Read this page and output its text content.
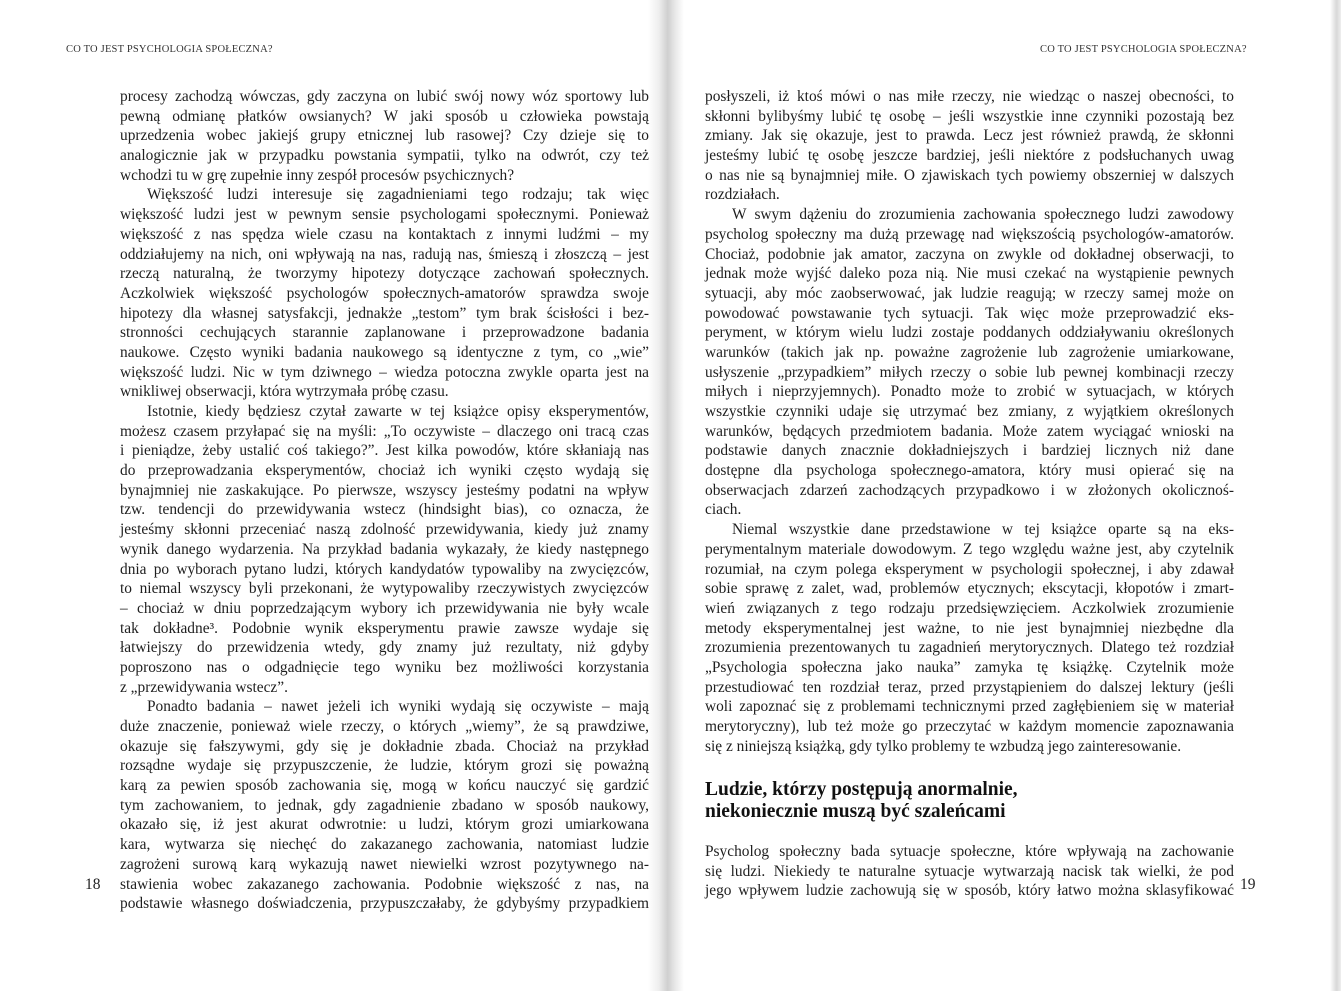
CO TO JEST PSYCHOLOGIA SPOŁECZNA?	CO TO JEST PSYCHOLOGIA SPOŁECZNA?
procesy zachodzą wówczas, gdy zaczyna on lubić swój nowy wóz sportowy lub
pewną odmianę płatków owsianych? W jaki sposób u człowieka powstają
uprzedzenia wobec jakiejś grupy etnicznej lub rasowej? Czy dzieje się to
analogicznie jak w przypadku powstania sympatii, tylko na odwrót, czy też
wchodzi tu w grę zupełnie inny zespół procesów psychicznych?
Większość ludzi interesuje się zagadnieniami tego rodzaju; tak więc
większość ludzi jest w pewnym sensie psychologami społecznymi. Ponieważ
większość z nas spędza wiele czasu na kontaktach z innymi ludźmi – my
oddziałujemy na nich, oni wpływają na nas, radują nas, śmieszą i złoszczą – jest
rzeczą naturalną, że tworzymy hipotezy dotyczące zachowań społecznych.
Aczkolwiek większość psychologów społecznych-amatorów sprawdza swoje
hipotezy dla własnej satysfakcji, jednakże „testom” tym brak ścisłości i bez-
stronności cechujących starannie zaplanowane i przeprowadzone badania
naukowe. Często wyniki badania naukowego są identyczne z tym, co „wie”
większość ludzi. Nic w tym dziwnego – wiedza potoczna zwykle oparta jest na
wnikliwej obserwacji, która wytrzymała próbę czasu.
Istotnie, kiedy będziesz czytał zawarte w tej książce opisy eksperymentów,
możesz czasem przyłapać się na myśli: „To oczywiste – dlaczego oni tracą czas
i pieniądze, żeby ustalić coś takiego?”. Jest kilka powodów, które skłaniają nas
do przeprowadzania eksperymentów, chociaż ich wyniki często wydają się
bynajmniej nie zaskakujące. Po pierwsze, wszyscy jesteśmy podatni na wpływ
tzw. tendencji do przewidywania wstecz (hindsight bias), co oznacza, że
jesteśmy skłonni przeceniać naszą zdolność przewidywania, kiedy już znamy
wynik danego wydarzenia. Na przykład badania wykazały, że kiedy następnego
dnia po wyborach pytano ludzi, których kandydatów typowaliby na zwycięzców,
to niemal wszyscy byli przekonani, że wytypowaliby rzeczywistych zwycięzców
– chociaż w dniu poprzedzającym wybory ich przewidywania nie były wcale
tak dokładne³. Podobnie wynik eksperymentu prawie zawsze wydaje się
łatwiejszy do przewidzenia wtedy, gdy znamy już rezultaty, niż gdyby
poproszono nas o odgadnięcie tego wyniku bez możliwości korzystania
z „przewidywania wstecz”.
Ponadto badania – nawet jeżeli ich wyniki wydają się oczywiste – mają
duże znaczenie, ponieważ wiele rzeczy, o których „wiemy”, że są prawdziwe,
okazuje się fałszywymi, gdy się je dokładnie zbada. Chociaż na przykład
rozsądne wydaje się przypuszczenie, że ludzie, którym grozi się poważną
karą za pewien sposób zachowania się, mogą w końcu nauczyć się gardzić
tym zachowaniem, to jednak, gdy zagadnienie zbadano w sposób naukowy,
okazało się, iż jest akurat odwrotnie: u ludzi, którym grozi umiarkowana
kara, wytwarza się niechęć do zakazanego zachowania, natomiast ludzie
zagrożeni surową karą wykazują nawet niewielki wzrost pozytywnego na-
stawienia wobec zakazanego zachowania. Podobnie większość z nas, na
podstawie własnego doświadczenia, przypuszczałaby, że gdybyśmy przypadkiem
posłyszeli, iż ktoś mówi o nas miłe rzeczy, nie wiedząc o naszej obecności, to
skłonni bylibyśmy lubić tę osobę – jeśli wszystkie inne czynniki pozostają bez
zmiany. Jak się okazuje, jest to prawda. Lecz jest również prawdą, że skłonni
jesteśmy lubić tę osobę jeszcze bardziej, jeśli niektóre z podsłuchanych uwag
o nas nie są bynajmniej miłe. O zjawiskach tych powiemy obszerniej w dalszych
rozdziałach.
W swym dążeniu do zrozumienia zachowania społecznego ludzi zawodowy
psycholog społeczny ma dużą przewagę nad większością psychologów-amatorów.
Chociaż, podobnie jak amator, zaczyna on zwykle od dokładnej obserwacji, to
jednak może wyjść daleko poza nią. Nie musi czekać na wystąpienie pewnych
sytuacji, aby móc zaobserwować, jak ludzie reagują; w rzeczy samej może on
powodować powstawanie tych sytuacji. Tak więc może przeprowadzić eks-
peryment, w którym wielu ludzi zostaje poddanych oddziaływaniu określonych
warunków (takich jak np. poważne zagrożenie lub zagrożenie umiarkowane,
usłyszenie „przypadkiem” miłych rzeczy o sobie lub pewnej kombinacji rzeczy
miłych i nieprzyjemnych). Ponadto może to zrobić w sytuacjach, w których
wszystkie czynniki udaje się utrzymać bez zmiany, z wyjątkiem określonych
warunków, będących przedmiotem badania. Może zatem wyciągać wnioski na
podstawie danych znacznie dokładniejszych i bardziej licznych niż dane
dostępne dla psychologa społecznego-amatora, który musi opierać się na
obserwacjach zdarzeń zachodzących przypadkowo i w złożonych okolicznoś-
ciach.
Niemal wszystkie dane przedstawione w tej książce oparte są na eks-
perymentalnym materiale dowodowym. Z tego względu ważne jest, aby czytelnik
rozumiał, na czym polega eksperyment w psychologii społecznej, i aby zdawał
sobie sprawę z zalet, wad, problemów etycznych; ekscytacji, kłopotów i zmart-
wień związanych z tego rodzaju przedsięwzięciem. Aczkolwiek zrozumienie
metody eksperymentalnej jest ważne, to nie jest bynajmniej niezbędne dla
zrozumienia prezentowanych tu zagadnień merytorycznych. Dlatego też rozdział
„Psychologia społeczna jako nauka” zamyka tę książkę. Czytelnik może
przestudiować ten rozdział teraz, przed przystąpieniem do dalszej lektury (jeśli
woli zapoznać się z problemami technicznymi przed zagłębieniem się w materiał
merytoryczny), lub też może go przeczytać w każdym momencie zapoznawania
się z niniejszą książką, gdy tylko problemy te wzbudzą jego zainteresowanie.
Ludzie, którzy postępują anormalnie,
niekoniecznie muszą być szaleńcami
Psycholog społeczny bada sytuacje społeczne, które wpływają na zachowanie
się ludzi. Niekiedy te naturalne sytuacje wytwarzają nacisk tak wielki, że pod
jego wpływem ludzie zachowują się w sposób, który łatwo można sklasyfikować
18	19
